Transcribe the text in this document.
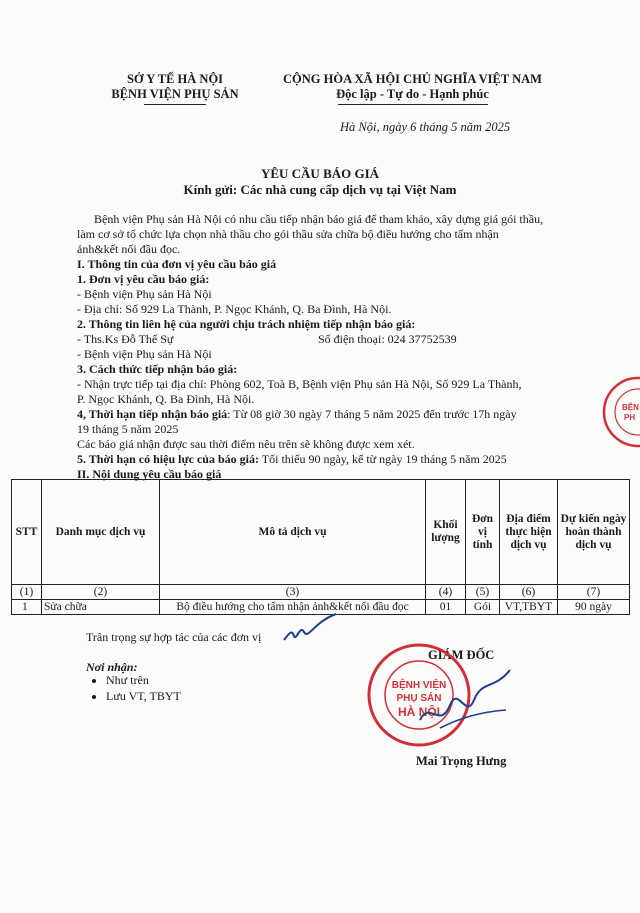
SỞ Y TẾ HÀ NỘI
BỆNH VIỆN PHỤ SẢN
CỘNG HÒA XÃ HỘI CHỦ NGHĨA VIỆT NAM
Độc lập - Tự do - Hạnh phúc
Hà Nội, ngày 6 tháng 5 năm 2025
YÊU CẦU BÁO GIÁ
Kính gửi: Các nhà cung cấp dịch vụ tại Việt Nam
Bệnh viện Phụ sản Hà Nội có nhu cầu tiếp nhận báo giá để tham khảo, xây dựng giá gói thầu,
làm cơ sở tổ chức lựa chọn nhà thầu cho gói thầu sửa chữa bộ điều hướng cho tấm nhận
ảnh&kết nối đầu đọc.
I. Thông tin của đơn vị yêu cầu báo giá
1. Đơn vị yêu cầu báo giá:
- Bệnh viện Phụ sản Hà Nội
- Địa chỉ: Số 929 La Thành, P. Ngọc Khánh, Q. Ba Đình, Hà Nội.
2. Thông tin liên hệ của người chịu trách nhiệm tiếp nhận báo giá:
- Ths.Ks Đỗ Thế Sự	Số điện thoại: 024 37752539
- Bệnh viện Phụ sản Hà Nội
3. Cách thức tiếp nhận báo giá:
- Nhận trực tiếp tại địa chỉ: Phòng 602, Toà B, Bệnh viện Phụ sản Hà Nội, Số 929 La Thành,
P. Ngọc Khánh, Q. Ba Đình, Hà Nội.
4, Thời hạn tiếp nhận báo giá: Từ 08 giờ 30 ngày 7 tháng 5 năm 2025 đến trước 17h ngày
19 tháng 5 năm 2025
Các báo giá nhận được sau thời điểm nêu trên sẽ không được xem xét.
5. Thời hạn có hiệu lực của báo giá: Tối thiểu 90 ngày, kể từ ngày 19 tháng 5 năm 2025
II. Nội dung yêu cầu báo giá
STT	Danh mục dịch vụ	Mô tả dịch vụ	Khối lượng	Đơn vị tính	Địa điểm thực hiện dịch vụ	Dự kiến ngày hoàn thành dịch vụ
(1)	(2)	(3)	(4)	(5)	(6)	(7)
1	Sửa chữa	Bộ điều hướng cho tấm nhận ảnh&kết nối đầu đọc	01	Gói	VT,TBYT	90 ngày
Trân trọng sự hợp tác của các đơn vị
Nơi nhận:
• Như trên
• Lưu VT, TBYT
GIÁM ĐỐC
BỆNH VIỆN
PHỤ SẢN
HÀ NỘI
Mai Trọng Hưng
BỆN
PH
